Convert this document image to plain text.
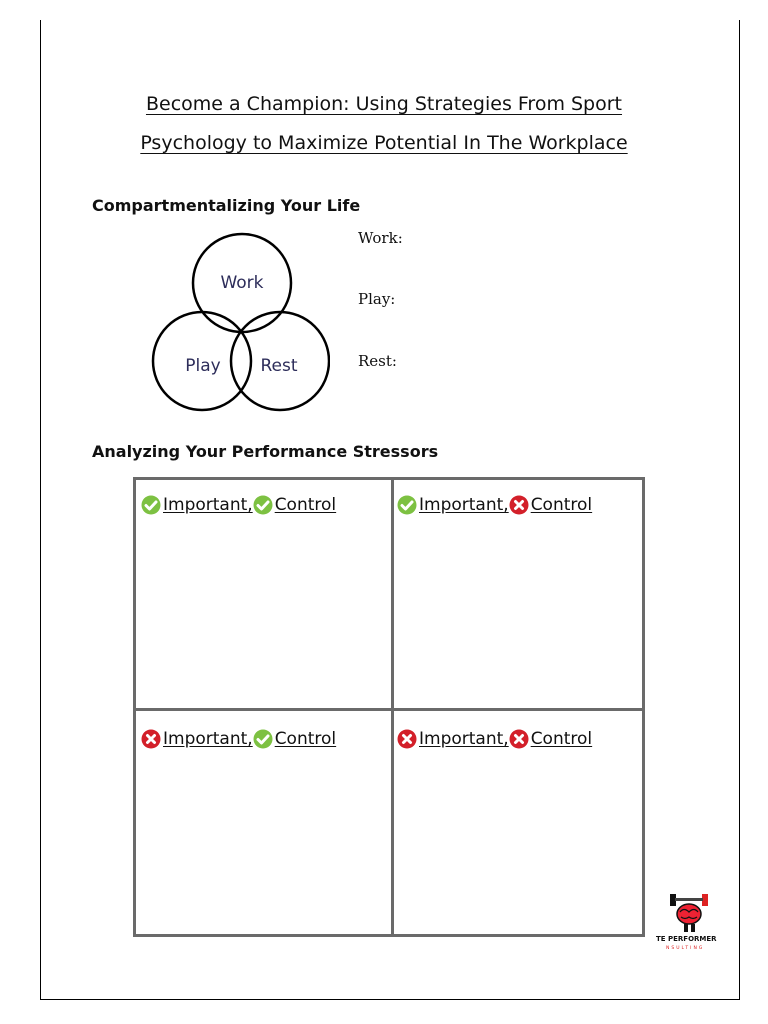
Become a Champion: Using Strategies From Sport
Psychology to Maximize Potential In The Workplace
Compartmentalizing Your Life
Work
Play Rest
Work:
Play:
Rest:
Analyzing Your Performance Stressors
Important, Control	Important, Control
Important, Control	Important, Control
TE PERFORMER
NSULTING
